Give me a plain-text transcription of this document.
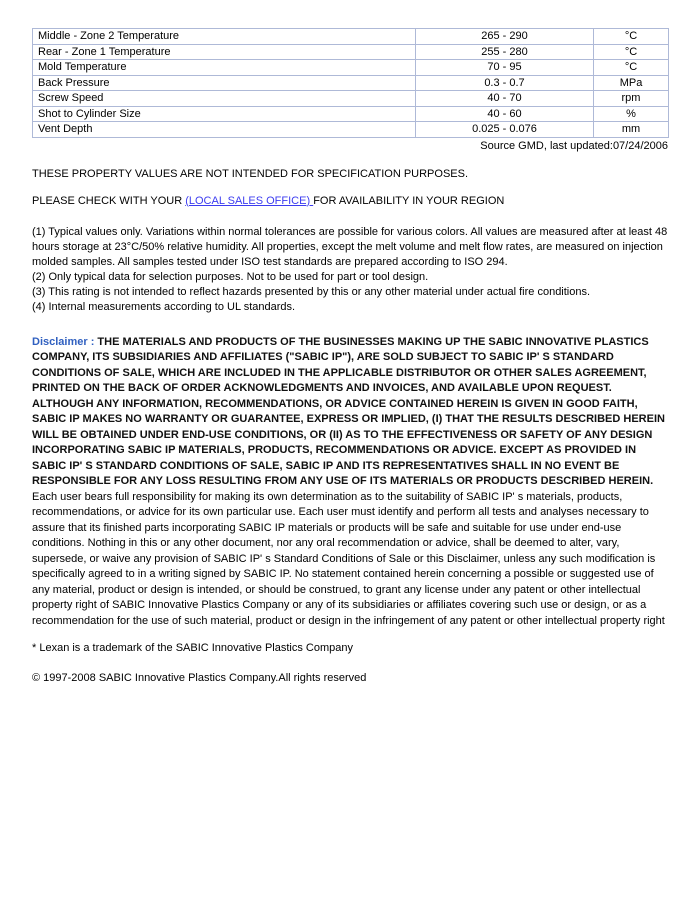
Middle - Zone 2 Temperature	265 - 290	°C
Rear - Zone 1 Temperature	255 - 280	°C
Mold Temperature	70 - 95	°C
Back Pressure	0.3 - 0.7	MPa
Screw Speed	40 - 70	rpm
Shot to Cylinder Size	40 - 60	%
Vent Depth	0.025 - 0.076	mm

Source GMD, last updated:07/24/2006

THESE PROPERTY VALUES ARE NOT INTENDED FOR SPECIFICATION PURPOSES.

PLEASE CHECK WITH YOUR (LOCAL SALES OFFICE) FOR AVAILABILITY IN YOUR REGION

(1) Typical values only. Variations within normal tolerances are possible for various colors. All values are measured after at least 48 hours storage at 23°C/50% relative humidity. All properties, except the melt volume and melt flow rates, are measured on injection molded samples. All samples tested under ISO test standards are prepared according to ISO 294.

(2) Only typical data for selection purposes. Not to be used for part or tool design.

(3) This rating is not intended to reflect hazards presented by this or any other material under actual fire conditions.

(4) Internal measurements according to UL standards.

Disclaimer : THE MATERIALS AND PRODUCTS OF THE BUSINESSES MAKING UP THE SABIC INNOVATIVE PLASTICS COMPANY, ITS SUBSIDIARIES AND AFFILIATES ("SABIC IP"), ARE SOLD SUBJECT TO SABIC IP' S STANDARD CONDITIONS OF SALE, WHICH ARE INCLUDED IN THE APPLICABLE DISTRIBUTOR OR OTHER SALES AGREEMENT, PRINTED ON THE BACK OF ORDER ACKNOWLEDGMENTS AND INVOICES, AND AVAILABLE UPON REQUEST. ALTHOUGH ANY INFORMATION, RECOMMENDATIONS, OR ADVICE CONTAINED HEREIN IS GIVEN IN GOOD FAITH, SABIC IP MAKES NO WARRANTY OR GUARANTEE, EXPRESS OR IMPLIED, (I) THAT THE RESULTS DESCRIBED HEREIN WILL BE OBTAINED UNDER END-USE CONDITIONS, OR (II) AS TO THE EFFECTIVENESS OR SAFETY OF ANY DESIGN INCORPORATING SABIC IP MATERIALS, PRODUCTS, RECOMMENDATIONS OR ADVICE. EXCEPT AS PROVIDED IN SABIC IP' S STANDARD CONDITIONS OF SALE, SABIC IP AND ITS REPRESENTATIVES SHALL IN NO EVENT BE RESPONSIBLE FOR ANY LOSS RESULTING FROM ANY USE OF ITS MATERIALS OR PRODUCTS DESCRIBED HEREIN. Each user bears full responsibility for making its own determination as to the suitability of SABIC IP' s materials, products, recommendations, or advice for its own particular use. Each user must identify and perform all tests and analyses necessary to assure that its finished parts incorporating SABIC IP materials or products will be safe and suitable for use under end-use conditions. Nothing in this or any other document, nor any oral recommendation or advice, shall be deemed to alter, vary, supersede, or waive any provision of SABIC IP' s Standard Conditions of Sale or this Disclaimer, unless any such modification is specifically agreed to in a writing signed by SABIC IP. No statement contained herein concerning a possible or suggested use of any material, product or design is intended, or should be construed, to grant any license under any patent or other intellectual property right of SABIC Innovative Plastics Company or any of its subsidiaries or affiliates covering such use or design, or as a recommendation for the use of such material, product or design in the infringement of any patent or other intellectual property right

* Lexan is a trademark of the SABIC Innovative Plastics Company

© 1997-2008 SABIC Innovative Plastics Company.All rights reserved
